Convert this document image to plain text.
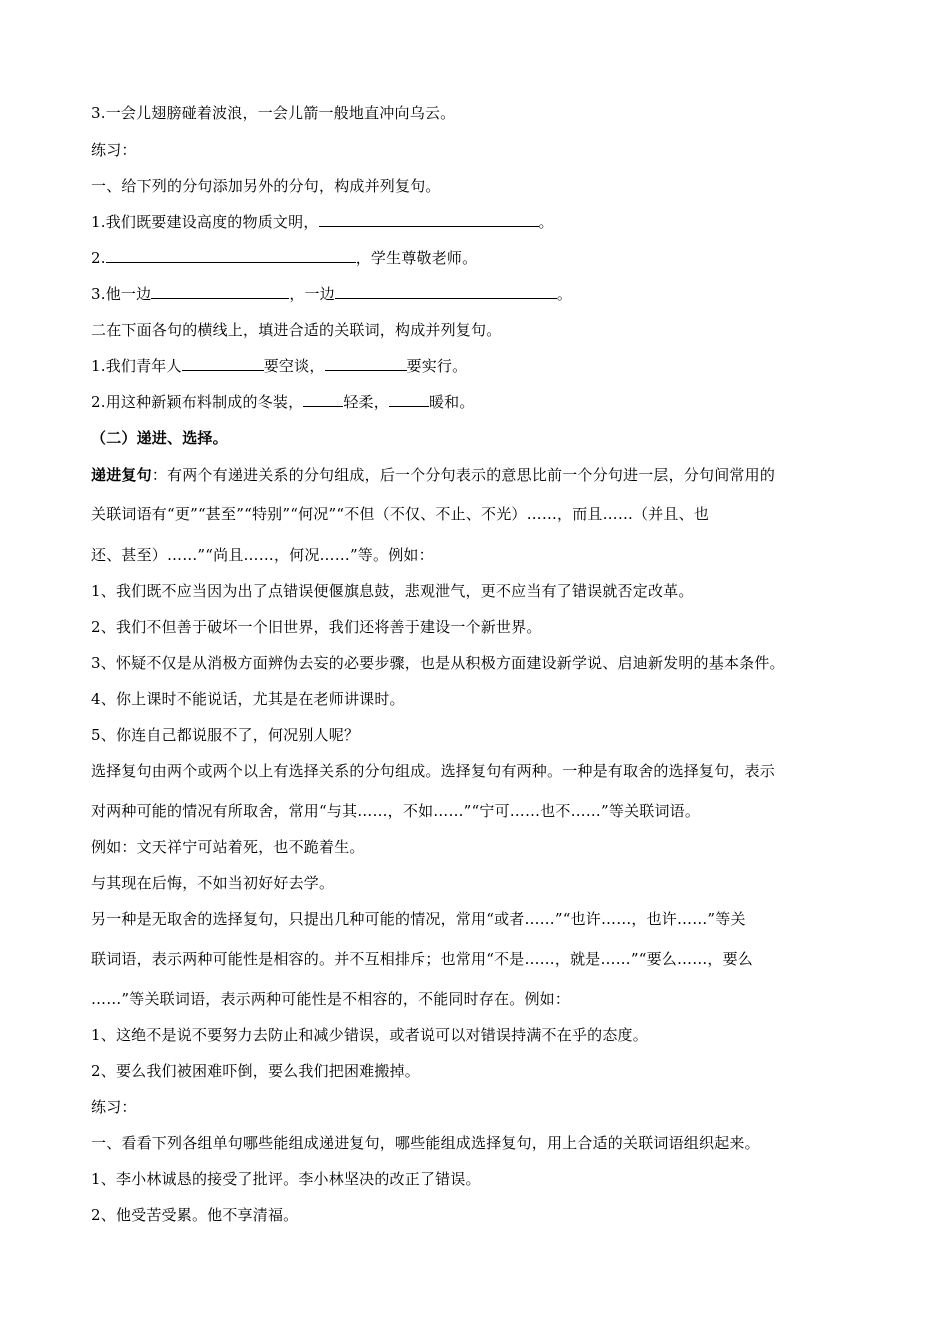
3.一会儿翅膀碰着波浪，一会儿箭一般地直冲向乌云。
练习：
一、给下列的分句添加另外的分句，构成并列复句。
1.我们既要建设高度的物质文明，	。
2.	，学生尊敬老师。
3.他一边	，一边	。
二在下面各句的横线上，填进合适的关联词，构成并列复句。
1.我们青年人	要空谈，	要实行。
2.用这种新颖布料制成的冬装，	轻柔，	暖和。
（二）递进、选择。
递进复句：有两个有递进关系的分句组成，后一个分句表示的意思比前一个分句进一层，分句间常用的
关联词语有“更”“甚至”“特别”“何况”“不但（不仅、不止、不光）……，而且……（并且、也
还、甚至）……”“尚且……，何况……”等。例如：
1、我们既不应当因为出了点错误便偃旗息鼓，悲观泄气，更不应当有了错误就否定改革。
2、我们不但善于破坏一个旧世界，我们还将善于建设一个新世界。
3、怀疑不仅是从消极方面辨伪去妄的必要步骤，也是从积极方面建设新学说、启迪新发明的基本条件。
4、你上课时不能说话，尤其是在老师讲课时。
5、你连自己都说服不了，何况别人呢？
选择复句由两个或两个以上有选择关系的分句组成。选择复句有两种。一种是有取舍的选择复句，表示
对两种可能的情况有所取舍，常用“与其……，不如……”“宁可……也不……”等关联词语。
例如：文天祥宁可站着死，也不跪着生。
与其现在后悔，不如当初好好去学。
另一种是无取舍的选择复句，只提出几种可能的情况，常用“或者……”“也许……，也许……”等关
联词语，表示两种可能性是相容的。并不互相排斥；也常用“不是……，就是……”“要么……，要么
……”等关联词语，表示两种可能性是不相容的，不能同时存在。例如：
1、这绝不是说不要努力去防止和减少错误，或者说可以对错误持满不在乎的态度。
2、要么我们被困难吓倒，要么我们把困难搬掉。
练习：
一、看看下列各组单句哪些能组成递进复句，哪些能组成选择复句，用上合适的关联词语组织起来。
1、李小林诚恳的接受了批评。李小林坚决的改正了错误。
2、他受苦受累。他不享清福。
